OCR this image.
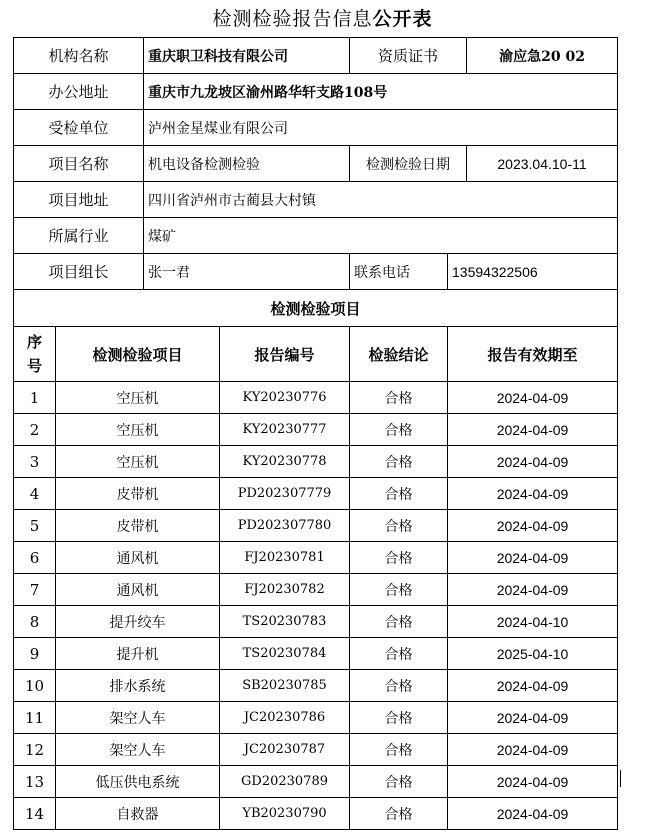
检测检验报告信息公开表
机构名称		重庆职卫科技有限公司		资质证书		渝应急20 02
办公地址		重庆市九龙坡区渝州路华轩支路108号				
受检单位		泸州金星煤业有限公司				
项目名称		机电设备检测检验		检测检验日期		2023.04.10-11
项目地址		四川省泸州市古蔺县大村镇				
所属行业		煤矿				
项目组长		张一君		联系电话	13594322506	
检测检验项目						
序
号	检测检验项目		报告编号	检验结论	报告有效期至	
1	空压机		KY20230776	合格	2024-04-09	
2	空压机		KY20230777	合格	2024-04-09	
3	空压机		KY20230778	合格	2024-04-09	
4	皮带机		PD202307779	合格	2024-04-09	
5	皮带机		PD202307780	合格	2024-04-09	
6	通风机		FJ20230781	合格	2024-04-09	
7	通风机		FJ20230782	合格	2024-04-09	
8	提升绞车		TS20230783	合格	2024-04-10	
9	提升机		TS20230784	合格	2025-04-10	
10	排水系统		SB20230785	合格	2024-04-09	
11	架空人车		JC20230786	合格	2024-04-09	
12	架空人车		JC20230787	合格	2024-04-09	
13	低压供电系统		GD20230789	合格	2024-04-09	
14	自救器		YB20230790	合格	2024-04-09	
